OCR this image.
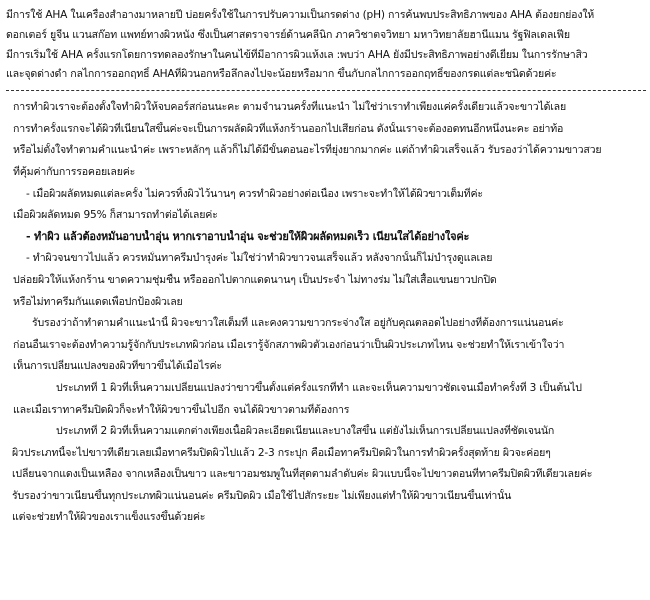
มีการใช้ AHA ในเครื่องสำอางมาหลายปี บ่อยครั้งใช้ในการปรับความเป็นกรดด่าง (pH) การค้นพบประสิทธิภาพของ AHA ต้องยกย่องให้
ดอกเตอร์ ยูจีน แวนสก๊อท แพทย์ทางผิวหนัง ซึ่งเป็นศาสตราจารย์ด้านคลีนิก ภาควิชาตจวิทยา มหาวิทยาลัยฮานีแมน รัฐฟิลเดลเฟีย
มีการเริ่มใช้ AHA ครั้งแรกโดยการทดลองรักษาในคนไข้ที่มีอาการผิวแห้งเล :พบว่า AHA ยังมีประสิทธิภาพอย่างดีเยี่ยม ในการรักษาสิว
และจุดด่างดำ กลไกการออกฤทธิ์ AHAที่ผิวนอกหรือลึกลงไปจะน้อยหรือมาก ขึ้นกับกลไกการออกฤทธิ์ของกรดแต่ละชนิดด้วยค่ะ
การทำผิวเราจะต้องตั้งใจทำผิวให้จบคอร์สก่อนนะคะ ตามจำนวนครั้งที่แนะนำ ไม่ใช่ว่าเราทำเพียงแค่ครั้งเดียวแล้วจะขาวได้เลย
การทำครั้งแรกจะได้ผิวที่เนียนใสขึ้นค่ะจะเป็นการผลัดผิวที่แห้งกร้านออกไปเสียก่อน ดังนั้นเราจะต้องอดทนอีกหนึ่งนะคะ อย่าท้อ
หรือไม่ตั้งใจทำตามคำแนะนำค่ะ เพราะหลักๆ แล้วก็ไม่ได้มีขั้นตอนอะไรที่ยุ่งยากมากค่ะ แต่ถ้าทำผิวเสร็จแล้ว รับรองว่าได้ความขาวสวย
ที่คุ้มค่ากับการรอคอยเลยค่ะ
- เมื่อผิวผลัดหมดแต่ละครั้ง ไม่ควรทิ้งผิวไว้นานๆ ควรทำผิวอย่างต่อเนื่อง เพราะจะทำให้ได้ผิวขาวเต็มที่ค่ะ
เมื่อผิวผลัดหมด 95% ก็สามารถทำต่อได้เลยค่ะ
- ทำผิว แล้วต้องหมั่นอาบน้ำอุ่น หากเราอาบน้ำอุ่น จะช่วยให้ผิวผลัดหมดเร็ว เนียนใสได้อย่างใจค่ะ
- ทำผิวจนขาวไปแล้ว ควรหมั่นทาครีมบำรุงค่ะ ไม่ใช่ว่าทำผิวขาวจนเสร็จแล้ว หลังจากนั้นก็ไม่บำรุงดูแลเลย
ปล่อยผิวให้แห้งกร้าน ขาดความชุ่มชื่น หรือออกไปตากแดดนานๆ เป็นประจำ ไม่ทางร่ม ไม่ใส่เสื้อแขนยาวปกปิด
หรือไม่ทาครีมกันแดดเพื่อปกป้องผิวเลย
รับรองว่าถ้าทำตามคำแนะนำนี้ ผิวจะขาวใสเต็มที่ และคงความขาวกระจ่างใส อยู่กับคุณตลอดไปอย่างที่ต้องการแน่นอนค่ะ
ก่อนอื่นเราจะต้องทำความรู้จักกับประเภทผิวก่อน เมื่อเรารู้จักสภาพผิวตัวเองก่อนว่าเป็นผิวประเภทไหน จะช่วยทำให้เราเข้าใจว่า
เห็นการเปลี่ยนแปลงของผิวที่ขาวขึ้นได้เมื่อไรค่ะ
ประเภทที่ 1 ผิวที่เห็นความเปลี่ยนแปลงว่าขาวขึ้นตั้งแต่ครั้งแรกที่ทำ และจะเห็นความขาวชัดเจนเมื่อทำครั้งที่ 3 เป็นต้นไป
และเมื่อเราทาครีมปิดผิวก็จะทำให้ผิวขาวขึ้นไปอีก จนได้ผิวขาวตามที่ต้องการ
ประเภทที่ 2 ผิวที่เห็นความแตกต่างเพียงเนื้อผิวละเอียดเนียนและบางใสขึ้น แต่ยังไม่เห็นการเปลี่ยนแปลงที่ชัดเจนนัก
ผิวประเภทนี้จะไปขาวทีเดียวเลยเมื่อทาครีมปิดผิวไปแล้ว 2-3 กระปุก คือเมื่อทาครีมปิดผิวในการทำผิวครั้งสุดท้าย ผิวจะค่อยๆ
เปลี่ยนจากแดงเป็นเหลือง จากเหลืองเป็นขาว และขาวอมชมพูในที่สุดตามลำดับค่ะ ผิวแบบนี้จะไปขาวตอนที่ทาครีมปิดผิวทีเดียวเลยค่ะ
รับรองว่าขาวเนียนขึ้นทุกประเภทผิวแน่นอนค่ะ ครีมปิดผิว เมื่อใช้ไปสักระยะ ไม่เพียงแต่ทำให้ผิวขาวเนียนขึ้นเท่านั้น
แต่จะช่วยทำให้ผิวของเราแข็งแรงขึ้นด้วยค่ะ
